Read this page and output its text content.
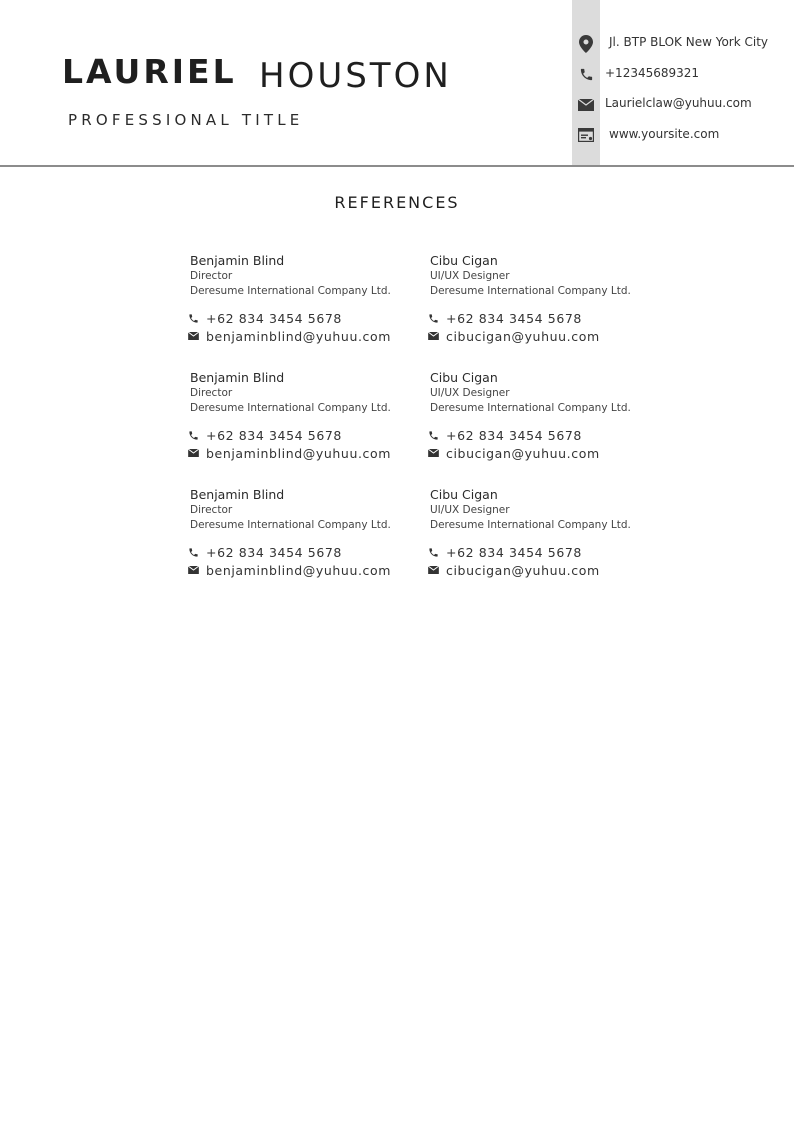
LAURIEL HOUSTON
PROFESSIONAL TITLE
Jl. BTP BLOK New York City
+12345689321
Laurielclaw@yuhuu.com
www.yoursite.com
REFERENCES
Benjamin Blind
Director
Deresume International Company Ltd.
+62 834 3454 5678
benjaminblind@yuhuu.com
Cibu Cigan
UI/UX Designer
Deresume International Company Ltd.
+62 834 3454 5678
cibucigan@yuhuu.com
Benjamin Blind
Director
Deresume International Company Ltd.
+62 834 3454 5678
benjaminblind@yuhuu.com
Cibu Cigan
UI/UX Designer
Deresume International Company Ltd.
+62 834 3454 5678
cibucigan@yuhuu.com
Benjamin Blind
Director
Deresume International Company Ltd.
+62 834 3454 5678
benjaminblind@yuhuu.com
Cibu Cigan
UI/UX Designer
Deresume International Company Ltd.
+62 834 3454 5678
cibucigan@yuhuu.com
